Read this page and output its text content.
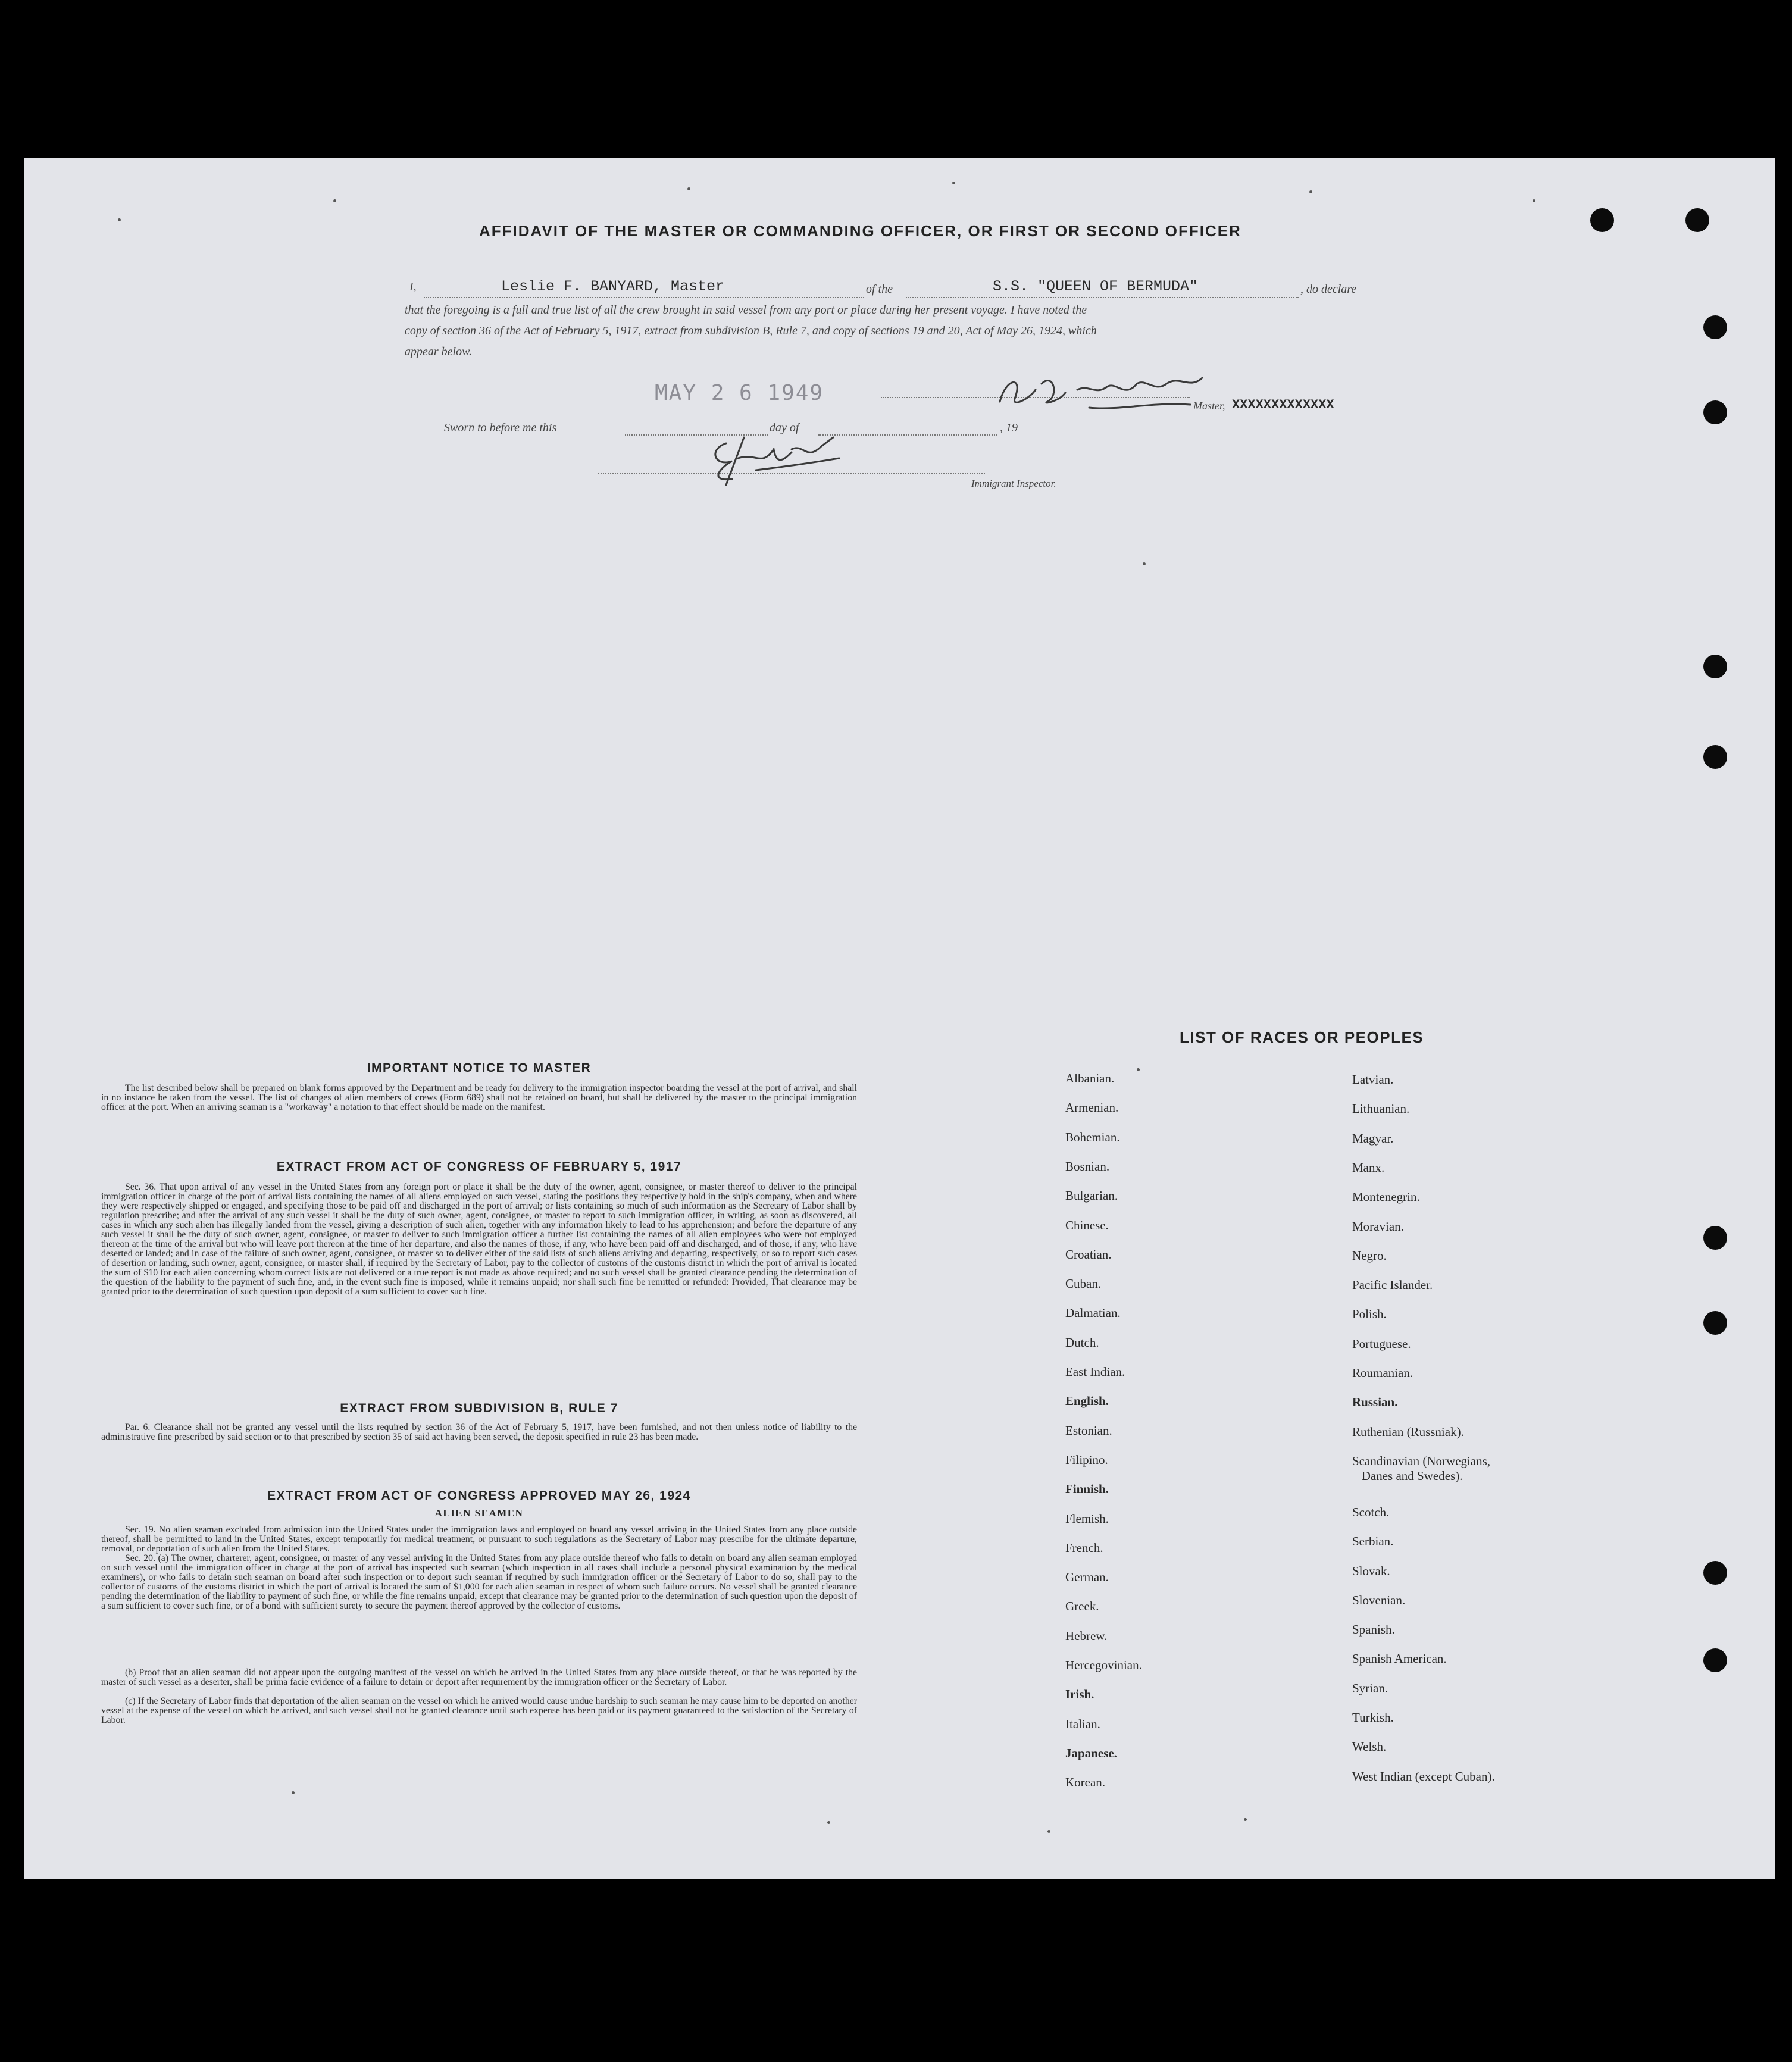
AFFIDAVIT OF THE MASTER OR COMMANDING OFFICER, OR FIRST OR SECOND OFFICER
I,	Leslie F. BANYARD, Master	of the	S.S. "QUEEN OF BERMUDA"	, do declare
that the foregoing is a full and true list of all the crew brought in said vessel from any port or place during her present voyage. I have noted the
copy of section 36 of the Act of February 5, 1917, extract from subdivision B, Rule 7, and copy of sections 19 and 20, Act of May 26, 1924, which
appear below.
MAY 2 6 1949
Master, XXXXXXXXXXXXX
Sworn to before me this	day of	, 19
Immigrant Inspector.
IMPORTANT NOTICE TO MASTER
The list described below shall be prepared on blank forms approved by the Department and be ready for delivery to the immigration inspector boarding the vessel at the port of arrival, and shall in no instance be taken from the vessel. The list of changes of alien members of crews (Form 689) shall not be retained on board, but shall be delivered by the master to the principal immigration officer at the port. When an arriving seaman is a "workaway" a notation to that effect should be made on the manifest.
EXTRACT FROM ACT OF CONGRESS OF FEBRUARY 5, 1917
Sec. 36. That upon arrival of any vessel in the United States from any foreign port or place it shall be the duty of the owner, agent, consignee, or master thereof to deliver to the principal immigration officer in charge of the port of arrival lists containing the names of all aliens employed on such vessel, stating the positions they respectively hold in the ship's company, when and where they were respectively shipped or engaged, and specifying those to be paid off and discharged in the port of arrival; or lists containing so much of such information as the Secretary of Labor shall by regulation prescribe; and after the arrival of any such vessel it shall be the duty of such owner, agent, consignee, or master to report to such immigration officer, in writing, as soon as discovered, all cases in which any such alien has illegally landed from the vessel, giving a description of such alien, together with any information likely to lead to his apprehension; and before the departure of any such vessel it shall be the duty of such owner, agent, consignee, or master to deliver to such immigration officer a further list containing the names of all alien employees who were not employed thereon at the time of the arrival but who will leave port thereon at the time of her departure, and also the names of those, if any, who have been paid off and discharged, and of those, if any, who have deserted or landed; and in case of the failure of such owner, agent, consignee, or master so to deliver either of the said lists of such aliens arriving and departing, respectively, or so to report such cases of desertion or landing, such owner, agent, consignee, or master shall, if required by the Secretary of Labor, pay to the collector of customs of the customs district in which the port of arrival is located the sum of $10 for each alien concerning whom correct lists are not delivered or a true report is not made as above required; and no such vessel shall be granted clearance pending the determination of the question of the liability to the payment of such fine, and, in the event such fine is imposed, while it remains unpaid; nor shall such fine be remitted or refunded: Provided, That clearance may be granted prior to the determination of such question upon deposit of a sum sufficient to cover such fine.
EXTRACT FROM SUBDIVISION B, RULE 7
Par. 6. Clearance shall not be granted any vessel until the lists required by section 36 of the Act of February 5, 1917, have been furnished, and not then unless notice of liability to the administrative fine prescribed by said section or to that prescribed by section 35 of said act having been served, the deposit specified in rule 23 has been made.
EXTRACT FROM ACT OF CONGRESS APPROVED MAY 26, 1924
ALIEN SEAMEN
Sec. 19. No alien seaman excluded from admission into the United States under the immigration laws and employed on board any vessel arriving in the United States from any place outside thereof, shall be permitted to land in the United States, except temporarily for medical treatment, or pursuant to such regulations as the Secretary of Labor may prescribe for the ultimate departure, removal, or deportation of such alien from the United States.
Sec. 20. (a) The owner, charterer, agent, consignee, or master of any vessel arriving in the United States from any place outside thereof who fails to detain on board any alien seaman employed on such vessel until the immigration officer in charge at the port of arrival has inspected such seaman (which inspection in all cases shall include a personal physical examination by the medical examiners), or who fails to detain such seaman on board after such inspection or to deport such seaman if required by such immigration officer or the Secretary of Labor to do so, shall pay to the collector of customs of the customs district in which the port of arrival is located the sum of $1,000 for each alien seaman in respect of whom such failure occurs. No vessel shall be granted clearance pending the determination of the liability to payment of such fine, or while the fine remains unpaid, except that clearance may be granted prior to the determination of such question upon the deposit of a sum sufficient to cover such fine, or of a bond with sufficient surety to secure the payment thereof approved by the collector of customs.
(b) Proof that an alien seaman did not appear upon the outgoing manifest of the vessel on which he arrived in the United States from any place outside thereof, or that he was reported by the master of such vessel as a deserter, shall be prima facie evidence of a failure to detain or deport after requirement by the immigration officer or the Secretary of Labor.
(c) If the Secretary of Labor finds that deportation of the alien seaman on the vessel on which he arrived would cause undue hardship to such seaman he may cause him to be deported on another vessel at the expense of the vessel on which he arrived, and such vessel shall not be granted clearance until such expense has been paid or its payment guaranteed to the satisfaction of the Secretary of Labor.
LIST OF RACES OR PEOPLES
Albanian.
Armenian.
Bohemian.
Bosnian.
Bulgarian.
Chinese.
Croatian.
Cuban.
Dalmatian.
Dutch.
East Indian.
English.
Estonian.
Filipino.
Finnish.
Flemish.
French.
German.
Greek.
Hebrew.
Hercegovinian.
Irish.
Italian.
Japanese.
Korean.
Latvian.
Lithuanian.
Magyar.
Manx.
Montenegrin.
Moravian.
Negro.
Pacific Islander.
Polish.
Portuguese.
Roumanian.
Russian.
Ruthenian (Russniak).
Scandinavian (Norwegians,
Danes and Swedes).
Scotch.
Serbian.
Slovak.
Slovenian.
Spanish.
Spanish American.
Syrian.
Turkish.
Welsh.
West Indian (except Cuban).
